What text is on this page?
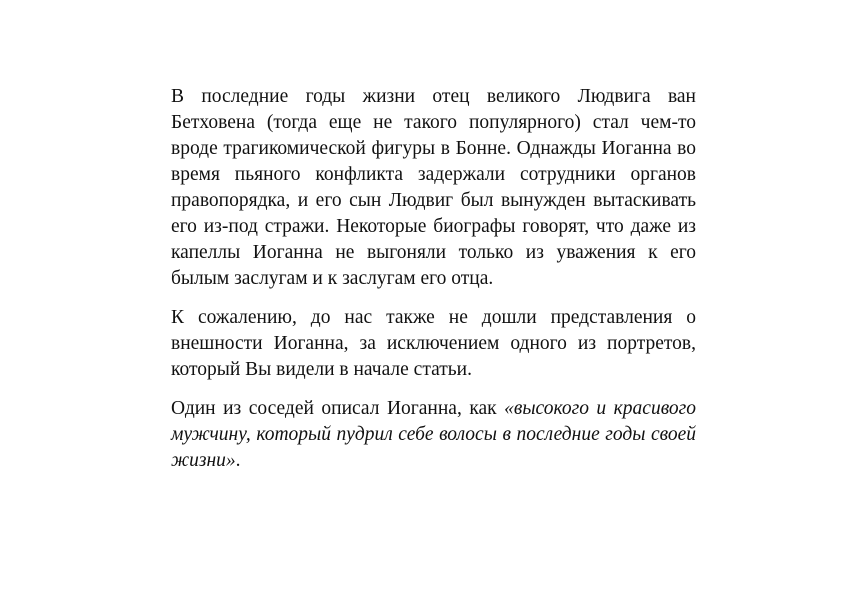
В последние годы жизни отец великого Людвига ван Бетховена (тогда еще не такого популярного) стал чем-то вроде трагикомической фигуры в Бонне. Однажды Иоганна во время пьяного конфликта задержали сотрудники органов правопорядка, и его сын Людвиг был вынужден вытаскивать его из-под стражи. Некоторые биографы говорят, что даже из капеллы Иоганна не выгоняли только из уважения к его былым заслугам и к заслугам его отца.

К сожалению, до нас также не дошли представления о внешности Иоганна, за исключением одного из портретов, который Вы видели в начале статьи.

Один из соседей описал Иоганна, как «высокого и красивого мужчину, который пудрил себе волосы в последние годы своей жизни».
